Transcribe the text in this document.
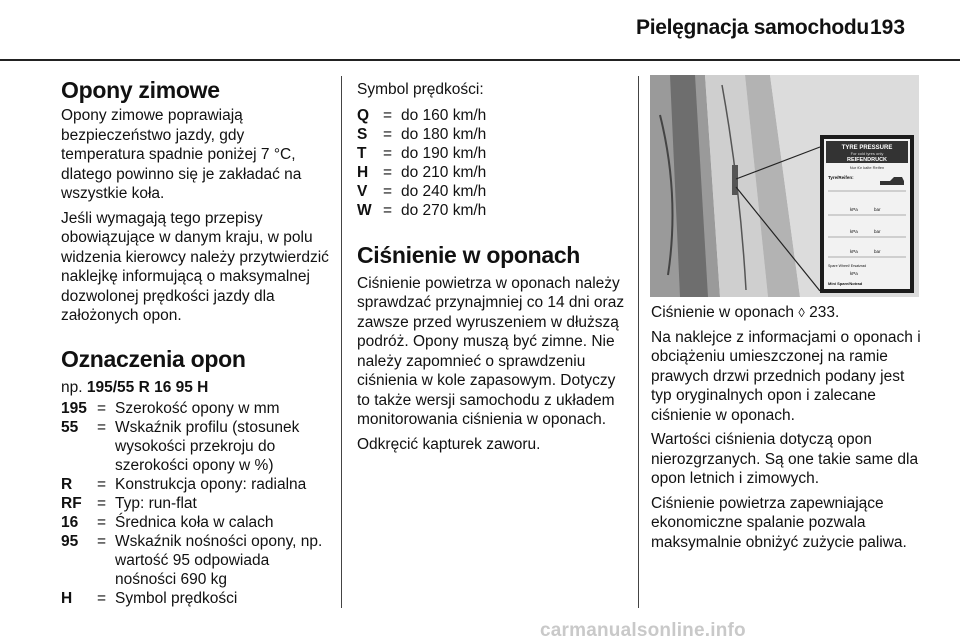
Pielęgnacja samochodu 193
Opony zimowe

Opony zimowe poprawiają bezpieczeństwo jazdy, gdy temperatura spadnie poniżej 7 °C, dlatego powinno się je zakładać na wszystkie koła.

Jeśli wymagają tego przepisy obowiązujące w danym kraju, w polu widzenia kierowcy należy przytwierdzić naklejkę informującą o maksymalnej dozwolonej prędkości jazdy dla założonych opon.

Oznaczenia opon

np. 195/55 R 16 95 H

195	=	Szerokość opony w mm
55	=	Wskaźnik profilu (stosunek wysokości przekroju do szerokości opony w %)
R	=	Konstrukcja opony: radialna
RF	=	Typ: run-flat
16	=	Średnica koła w calach
95	=	Wskaźnik nośności opony, np. wartość 95 odpowiada nośności 690 kg
H	=	Symbol prędkości

Symbol prędkości:

Q	=	do 160 km/h
S	=	do 180 km/h
T	=	do 190 km/h
H	=	do 210 km/h
V	=	do 240 km/h
W	=	do 270 km/h
Ciśnienie w oponach

Ciśnienie powietrza w oponach należy sprawdzać przynajmniej co 14 dni oraz zawsze przed wyruszeniem w dłuższą podróż. Opony muszą być zimne. Nie należy zapomnieć o sprawdzeniu ciśnienia w kole zapasowym. Dotyczy to także wersji samochodu z układem monitorowania ciśnienia w oponach.

Odkręcić kapturek zaworu.

TYRE PRESSURE
For cold tyres only
REIFENDRUCK
Nur für kalte Reifen
Tyre/Reifen:
kPa	bar
kPa	bar
kPa	bar
Spare Wheel/ Ersatzrad
kPa
Mini Spare/Notrad

Ciśnienie w oponach ◊ 233.

Na naklejce z informacjami o oponach i obciążeniu umieszczonej na ramie prawych drzwi przednich podany jest typ oryginalnych opon i zalecane ciśnienie w oponach.

Wartości ciśnienia dotyczą opon nierozgrzanych. Są one takie same dla opon letnich i zimowych.

Ciśnienie powietrza zapewniające ekonomiczne spalanie pozwala maksymalnie obniżyć zużycie paliwa.

carmanualsonline.info
